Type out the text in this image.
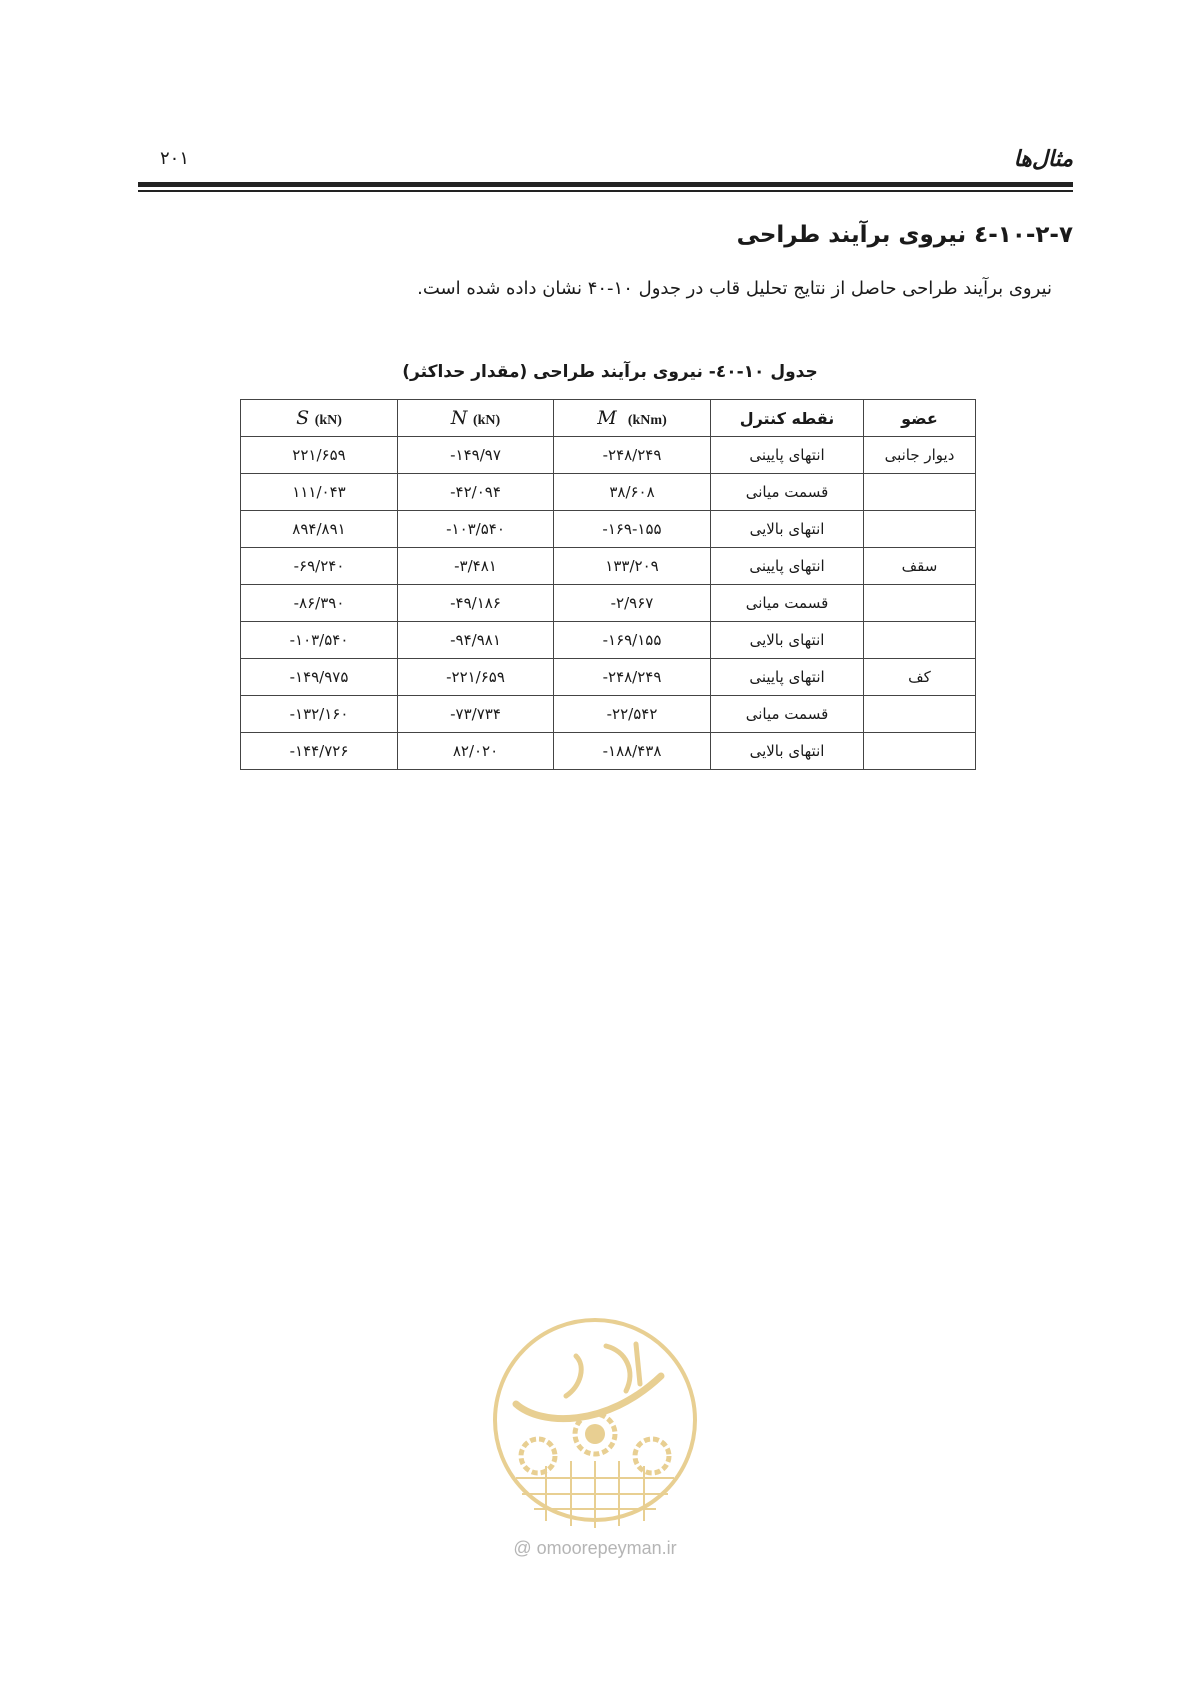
مثال‌ها
۲۰۱
۱۰-۲-۷-٤ نیروی برآیند طراحی
نیروی برآیند طراحی حاصل از نتایج تحلیل قاب در جدول ۱۰-۴۰ نشان داده شده است.
جدول ۱۰-٤۰- نیروی برآیند طراحی (مقدار حداکثر)
عضو	نقطه کنترل	M (kNm)	N (kN)	S (kN)
دیوار جانبی	انتهای پایینی	-۲۴۸/۲۴۹	-۱۴۹/۹۷	۲۲۱/۶۵۹
	قسمت میانی	۳۸/۶۰۸	-۴۲/۰۹۴	۱۱۱/۰۴۳
	انتهای بالایی	-۱۶۹-۱۵۵	-۱۰۳/۵۴۰	۸۹۴/۸۹۱
سقف	انتهای پایینی	۱۳۳/۲۰۹	-۳/۴۸۱	-۶۹/۲۴۰
	قسمت میانی	-۲/۹۶۷	-۴۹/۱۸۶	-۸۶/۳۹۰
	انتهای بالایی	-۱۶۹/۱۵۵	-۹۴/۹۸۱	-۱۰۳/۵۴۰
کف	انتهای پایینی	-۲۴۸/۲۴۹	-۲۲۱/۶۵۹	-۱۴۹/۹۷۵
	قسمت میانی	-۲۲/۵۴۲	-۷۳/۷۳۴	-۱۳۲/۱۶۰
	انتهای بالایی	-۱۸۸/۴۳۸	۸۲/۰۲۰	-۱۴۴/۷۲۶
@ omoorepeyman.ir
